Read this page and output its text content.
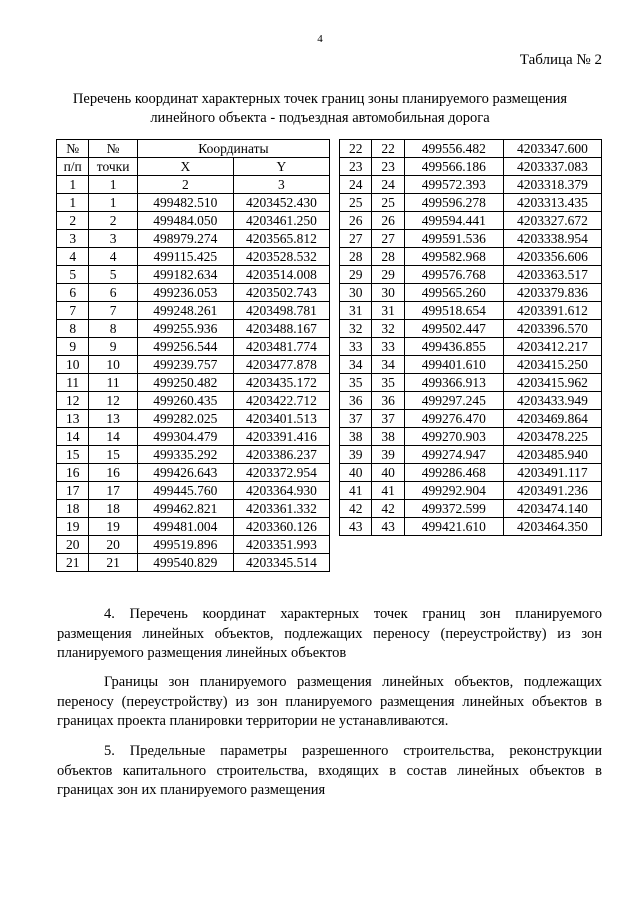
4
Таблица № 2
Перечень координат характерных точек границ зоны планируемого размещения линейного объекта - подъездная автомобильная дорога
№	№	Координаты	
п/п	точки	X	Y
1	1	2	3
1	1	499482.510	4203452.430
2	2	499484.050	4203461.250
3	3	498979.274	4203565.812
4	4	499115.425	4203528.532
5	5	499182.634	4203514.008
6	6	499236.053	4203502.743
7	7	499248.261	4203498.781
8	8	499255.936	4203488.167
9	9	499256.544	4203481.774
10	10	499239.757	4203477.878
11	11	499250.482	4203435.172
12	12	499260.435	4203422.712
13	13	499282.025	4203401.513
14	14	499304.479	4203391.416
15	15	499335.292	4203386.237
16	16	499426.643	4203372.954
17	17	499445.760	4203364.930
18	18	499462.821	4203361.332
19	19	499481.004	4203360.126
20	20	499519.896	4203351.993
21	21	499540.829	4203345.514
22	22	499556.482	4203347.600
23	23	499566.186	4203337.083
24	24	499572.393	4203318.379
25	25	499596.278	4203313.435
26	26	499594.441	4203327.672
27	27	499591.536	4203338.954
28	28	499582.968	4203356.606
29	29	499576.768	4203363.517
30	30	499565.260	4203379.836
31	31	499518.654	4203391.612
32	32	499502.447	4203396.570
33	33	499436.855	4203412.217
34	34	499401.610	4203415.250
35	35	499366.913	4203415.962
36	36	499297.245	4203433.949
37	37	499276.470	4203469.864
38	38	499270.903	4203478.225
39	39	499274.947	4203485.940
40	40	499286.468	4203491.117
41	41	499292.904	4203491.236
42	42	499372.599	4203474.140
43	43	499421.610	4203464.350

4. Перечень координат характерных точек границ зон планируемого размещения линейных объектов, подлежащих переносу (переустройству) из зон планируемого размещения линейных объектов

Границы зон планируемого размещения линейных объектов, подлежащих переносу (переустройству) из зон планируемого размещения линейных объектов в границах проекта планировки территории не устанавливаются.

5. Предельные параметры разрешенного строительства, реконструкции объектов капитального строительства, входящих в состав линейных объектов в границах зон их планируемого размещения
